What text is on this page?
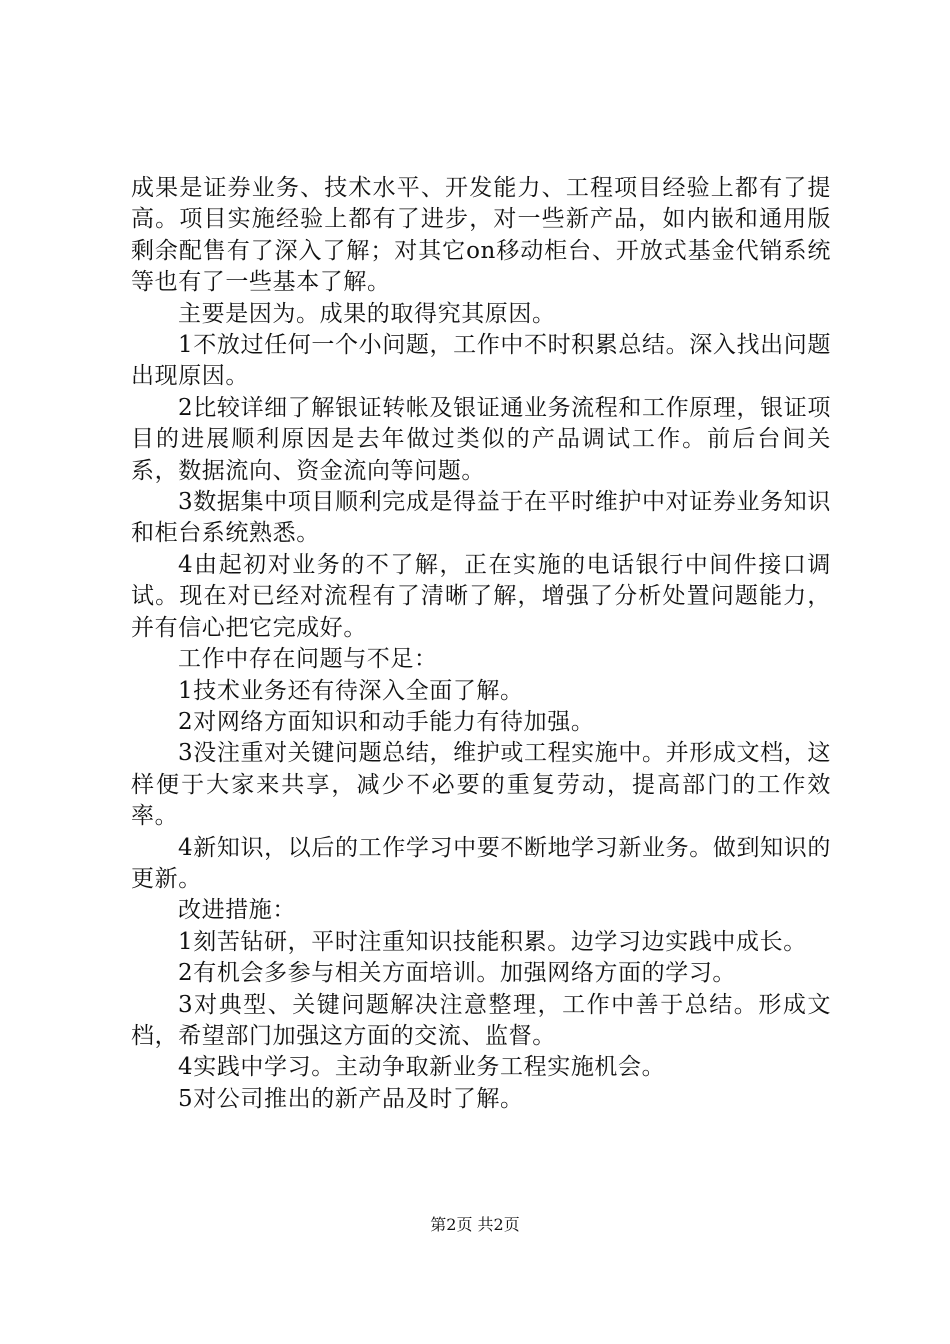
成果是证券业务、技术水平、开发能力、工程项目经验上都有了提高。项目实施经验上都有了进步，对一些新产品，如内嵌和通用版剩余配售有了深入了解；对其它on移动柜台、开放式基金代销系统等也有了一些基本了解。

主要是因为。成果的取得究其原因。

1不放过任何一个小问题，工作中不时积累总结。深入找出问题出现原因。

2比较详细了解银证转帐及银证通业务流程和工作原理，银证项目的进展顺利原因是去年做过类似的产品调试工作。前后台间关系，数据流向、资金流向等问题。

3数据集中项目顺利完成是得益于在平时维护中对证券业务知识和柜台系统熟悉。

4由起初对业务的不了解，正在实施的电话银行中间件接口调试。现在对已经对流程有了清晰了解，增强了分析处置问题能力，并有信心把它完成好。

工作中存在问题与不足：

1技术业务还有待深入全面了解。

2对网络方面知识和动手能力有待加强。

3没注重对关键问题总结，维护或工程实施中。并形成文档，这样便于大家来共享，减少不必要的重复劳动，提高部门的工作效率。

4新知识，以后的工作学习中要不断地学习新业务。做到知识的更新。

改进措施：

1刻苦钻研，平时注重知识技能积累。边学习边实践中成长。

2有机会多参与相关方面培训。加强网络方面的学习。

3对典型、关键问题解决注意整理，工作中善于总结。形成文档，希望部门加强这方面的交流、监督。

4实践中学习。主动争取新业务工程实施机会。

5对公司推出的新产品及时了解。

第2页 共2页
